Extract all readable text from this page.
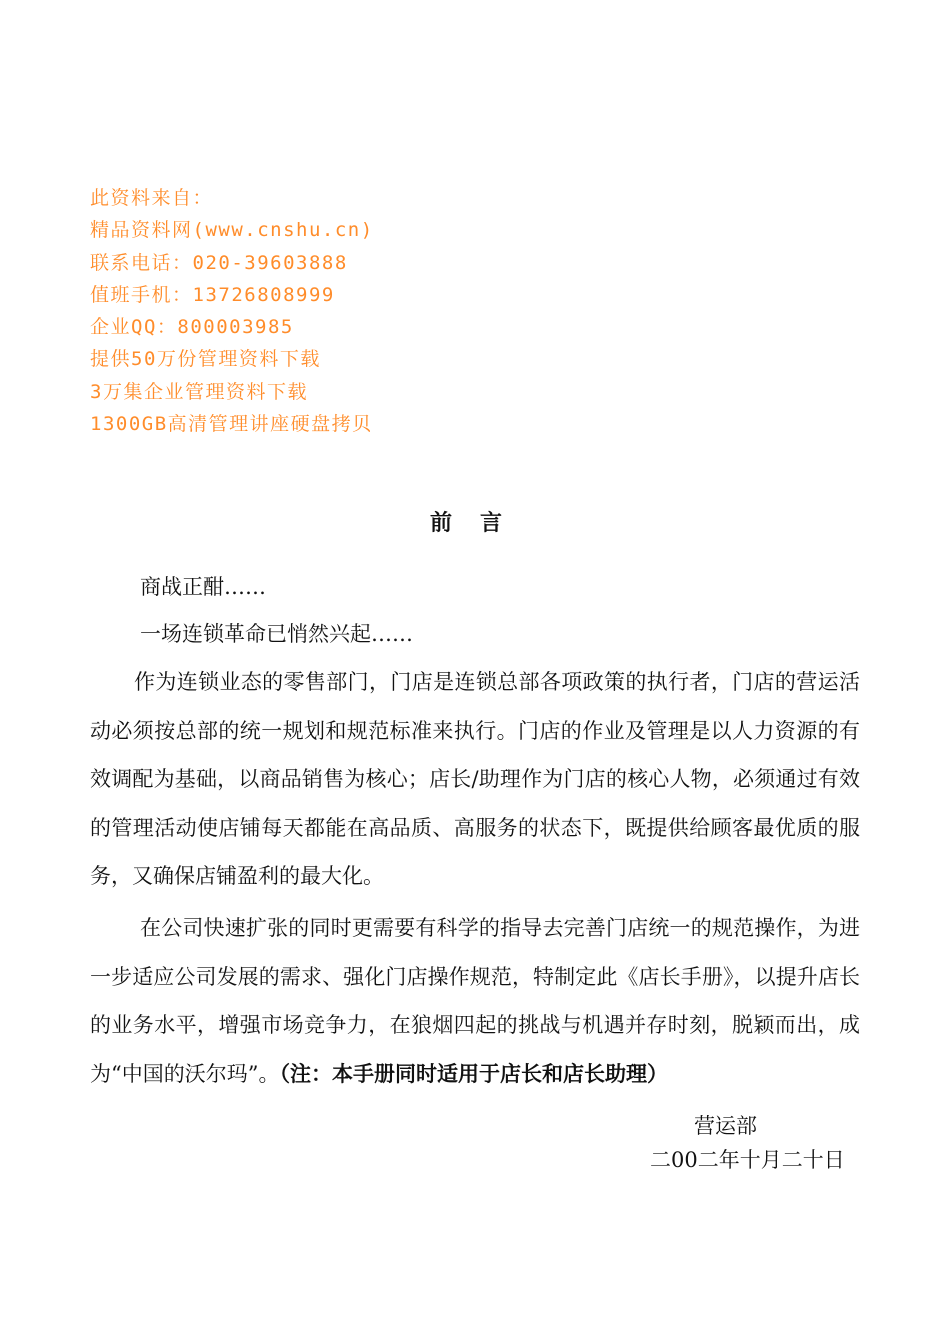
此资料来自：
精品资料网(www.cnshu.cn)
联系电话：020-39603888
值班手机：13726808999
企业QQ：800003985
提供50万份管理资料下载
3万集企业管理资料下载
1300GB高清管理讲座硬盘拷贝
前言

商战正酣……

一场连锁革命已悄然兴起……

作为连锁业态的零售部门，门店是连锁总部各项政策的执行者，门店的营运活动必须按总部的统一规划和规范标准来执行。门店的作业及管理是以人力资源的有效调配为基础，以商品销售为核心；店长/助理作为门店的核心人物，必须通过有效的管理活动使店铺每天都能在高品质、高服务的状态下，既提供给顾客最优质的服务，又确保店铺盈利的最大化。

在公司快速扩张的同时更需要有科学的指导去完善门店统一的规范操作，为进一步适应公司发展的需求、强化门店操作规范，特制定此《店长手册》，以提升店长的业务水平，增强市场竞争力，在狼烟四起的挑战与机遇并存时刻，脱颖而出，成为“中国的沃尔玛”。（注：本手册同时适用于店长和店长助理）

营运部
二00二年十月二十日
